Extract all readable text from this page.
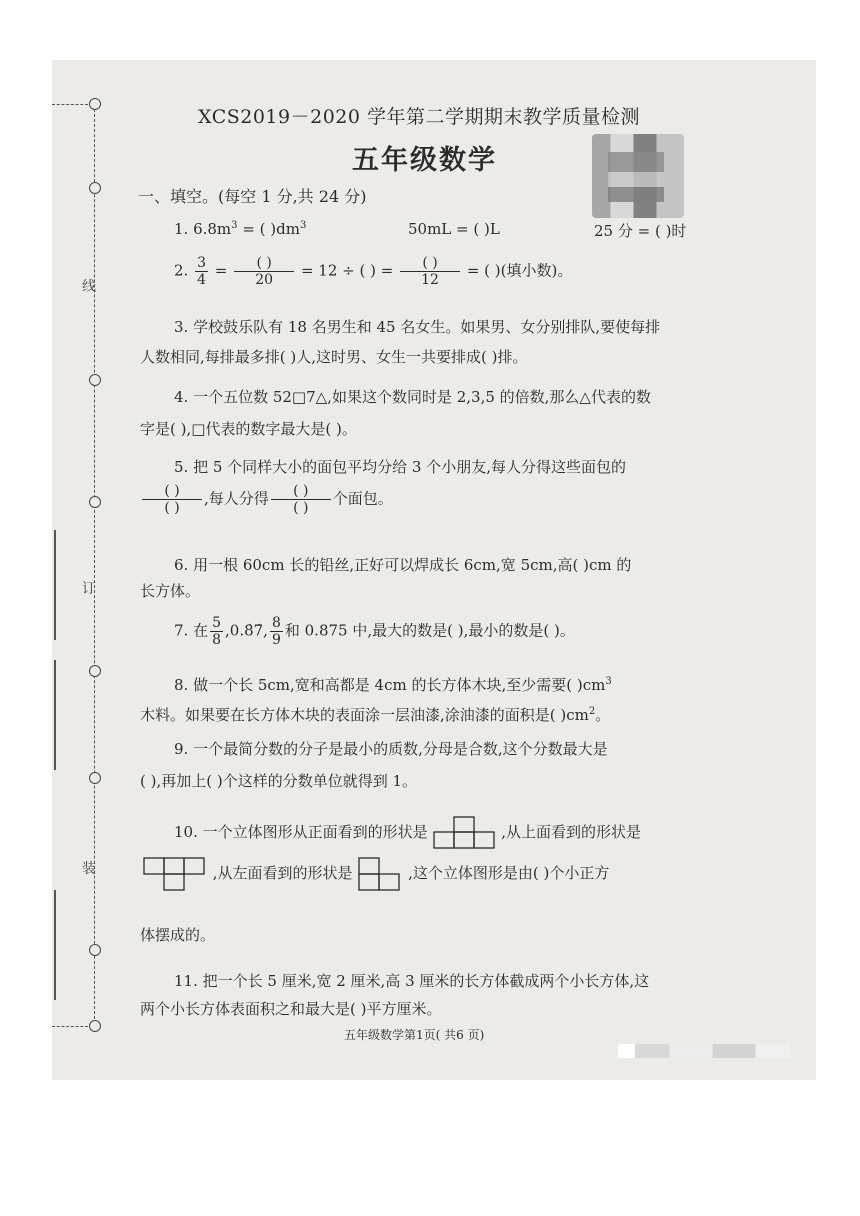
线
订
装
XCS2019－2020 学年第二学期期末教学质量检测
五年级数学
一、填空。(每空 1 分,共 24 分)
1. $6.8m^3$ = ( )$dm^3$	50mL = ( )L	25 分 = ( )时
2. $\frac{3}{4} = \frac{( )}{20} = 12$ ÷ ( ) = $\frac{( )}{12}$ = ( )(填小数)。
3. 学校鼓乐队有 18 名男生和 45 名女生。如果男、女分别排队,要使每排
人数相同,每排最多排( )人,这时男、女生一共要排成( )排。
4. 一个五位数 52□7△,如果这个数同时是 2,3,5 的倍数,那么△代表的数
字是( ),□代表的数字最大是( )。
5. 把 5 个同样大小的面包平均分给 3 个小朋友,每人分得这些面包的
$\frac{( )}{( )}$ ,每人分得 $\frac{( )}{( )}$ 个面包。
6. 用一根 60cm 长的铅丝,正好可以焊成长 6cm,宽 5cm,高( )cm 的
长方体。
7. 在 $\frac{5}{8}$ ,0.8̇7̇, $\frac{8}{9}$ 和 0.875 中,最大的数是( ),最小的数是( )。
8. 做一个长 5cm,宽和高都是 4cm 的长方体木块,至少需要( )$cm^3$
木料。如果要在长方体木块的表面涂一层油漆,涂油漆的面积是( )$cm^2$。
9. 一个最简分数的分子是最小的质数,分母是合数,这个分数最大是
( ),再加上( )个这样的分数单位就得到 1。
10. 一个立体图形从正面看到的形状是	,从上面看到的形状是
,从左面看到的形状是	,这个立体图形是由( )个小正方
体摆成的。
11. 把一个长 5 厘米,宽 2 厘米,高 3 厘米的长方体截成两个小长方体,这
两个小长方体表面积之和最大是( )平方厘米。
五年级数学第1页( 共6 页)
